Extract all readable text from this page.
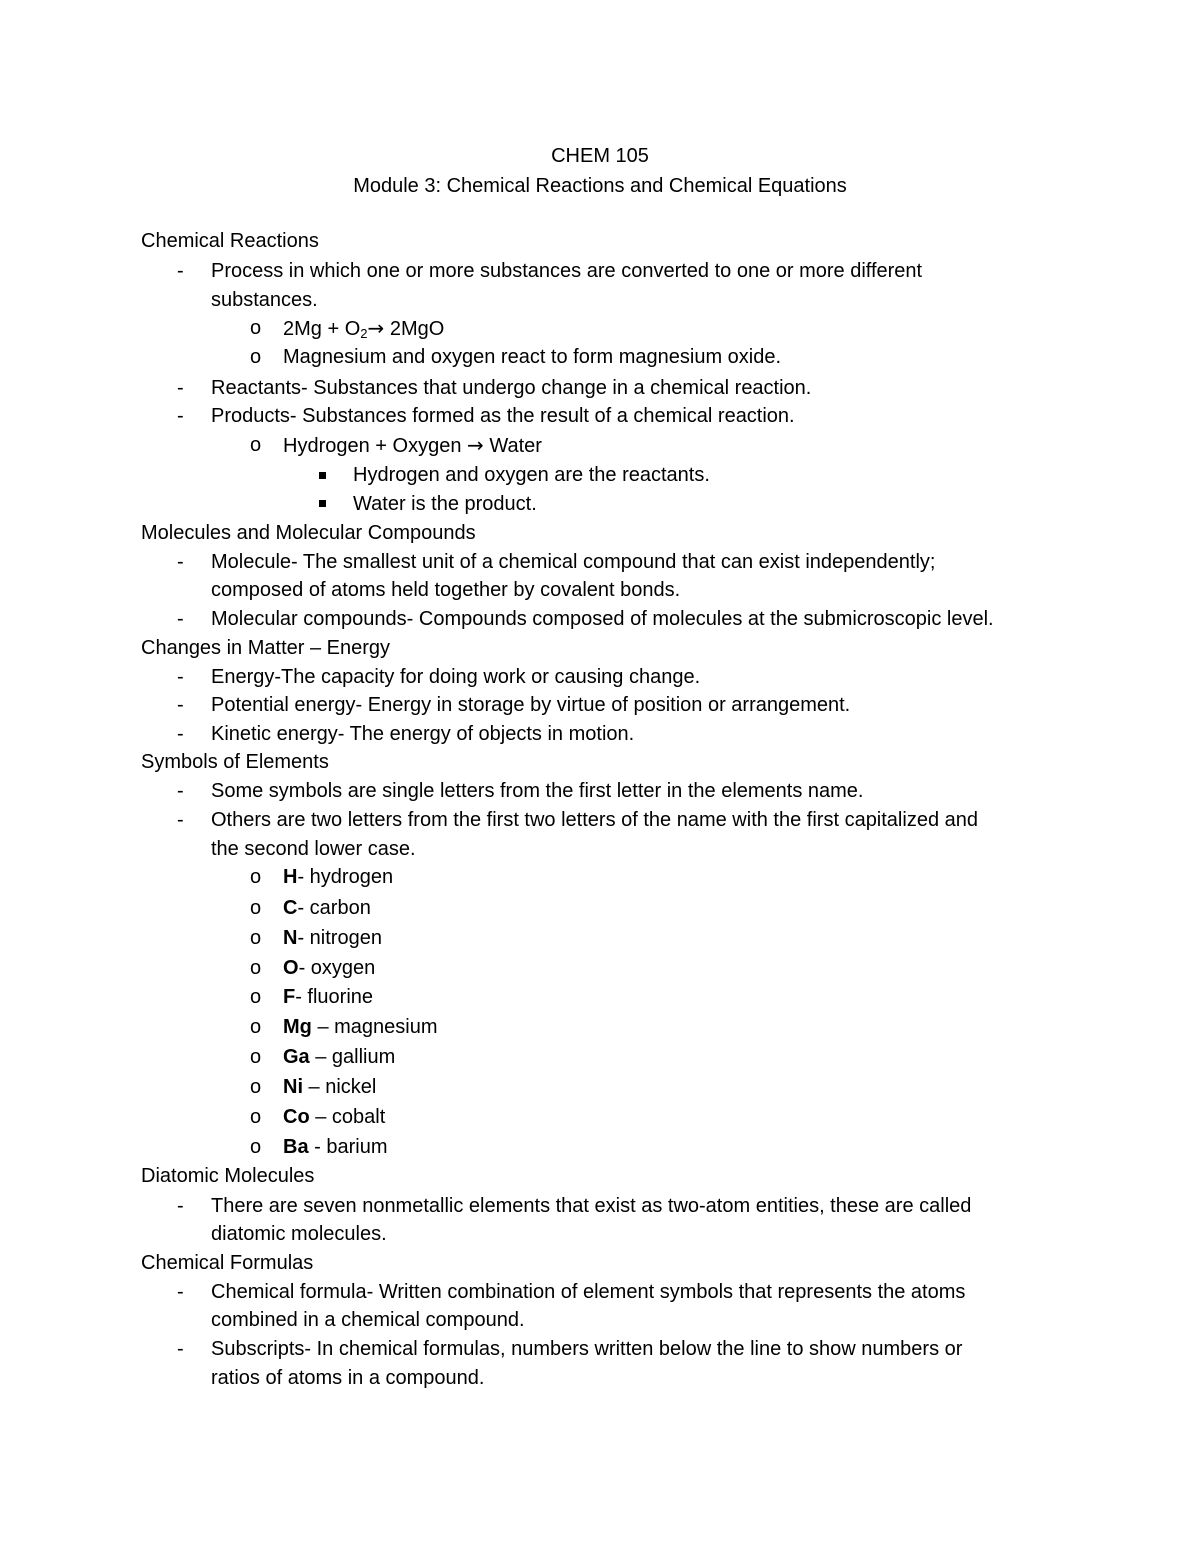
CHEM 105
Module 3: Chemical Reactions and Chemical Equations
Chemical Reactions
- Process in which one or more substances are converted to one or more different
substances.
o 2Mg + O2→ 2MgO
o Magnesium and oxygen react to form magnesium oxide.
- Reactants- Substances that undergo change in a chemical reaction.
- Products- Substances formed as the result of a chemical reaction.
o Hydrogen + Oxygen → Water
Hydrogen and oxygen are the reactants.
Water is the product.
Molecules and Molecular Compounds
- Molecule- The smallest unit of a chemical compound that can exist independently;
composed of atoms held together by covalent bonds.
- Molecular compounds- Compounds composed of molecules at the submicroscopic level.
Changes in Matter – Energy
- Energy-The capacity for doing work or causing change.
- Potential energy- Energy in storage by virtue of position or arrangement.
- Kinetic energy- The energy of objects in motion.
Symbols of Elements
- Some symbols are single letters from the first letter in the elements name.
- Others are two letters from the first two letters of the name with the first capitalized and
the second lower case.
o H- hydrogen
o C- carbon
o N- nitrogen
o O- oxygen
o F- fluorine
o Mg – magnesium
o Ga – gallium
o Ni – nickel
o Co – cobalt
o Ba - barium
Diatomic Molecules
- There are seven nonmetallic elements that exist as two-atom entities, these are called
diatomic molecules.
Chemical Formulas
- Chemical formula- Written combination of element symbols that represents the atoms
combined in a chemical compound.
- Subscripts- In chemical formulas, numbers written below the line to show numbers or
ratios of atoms in a compound.
